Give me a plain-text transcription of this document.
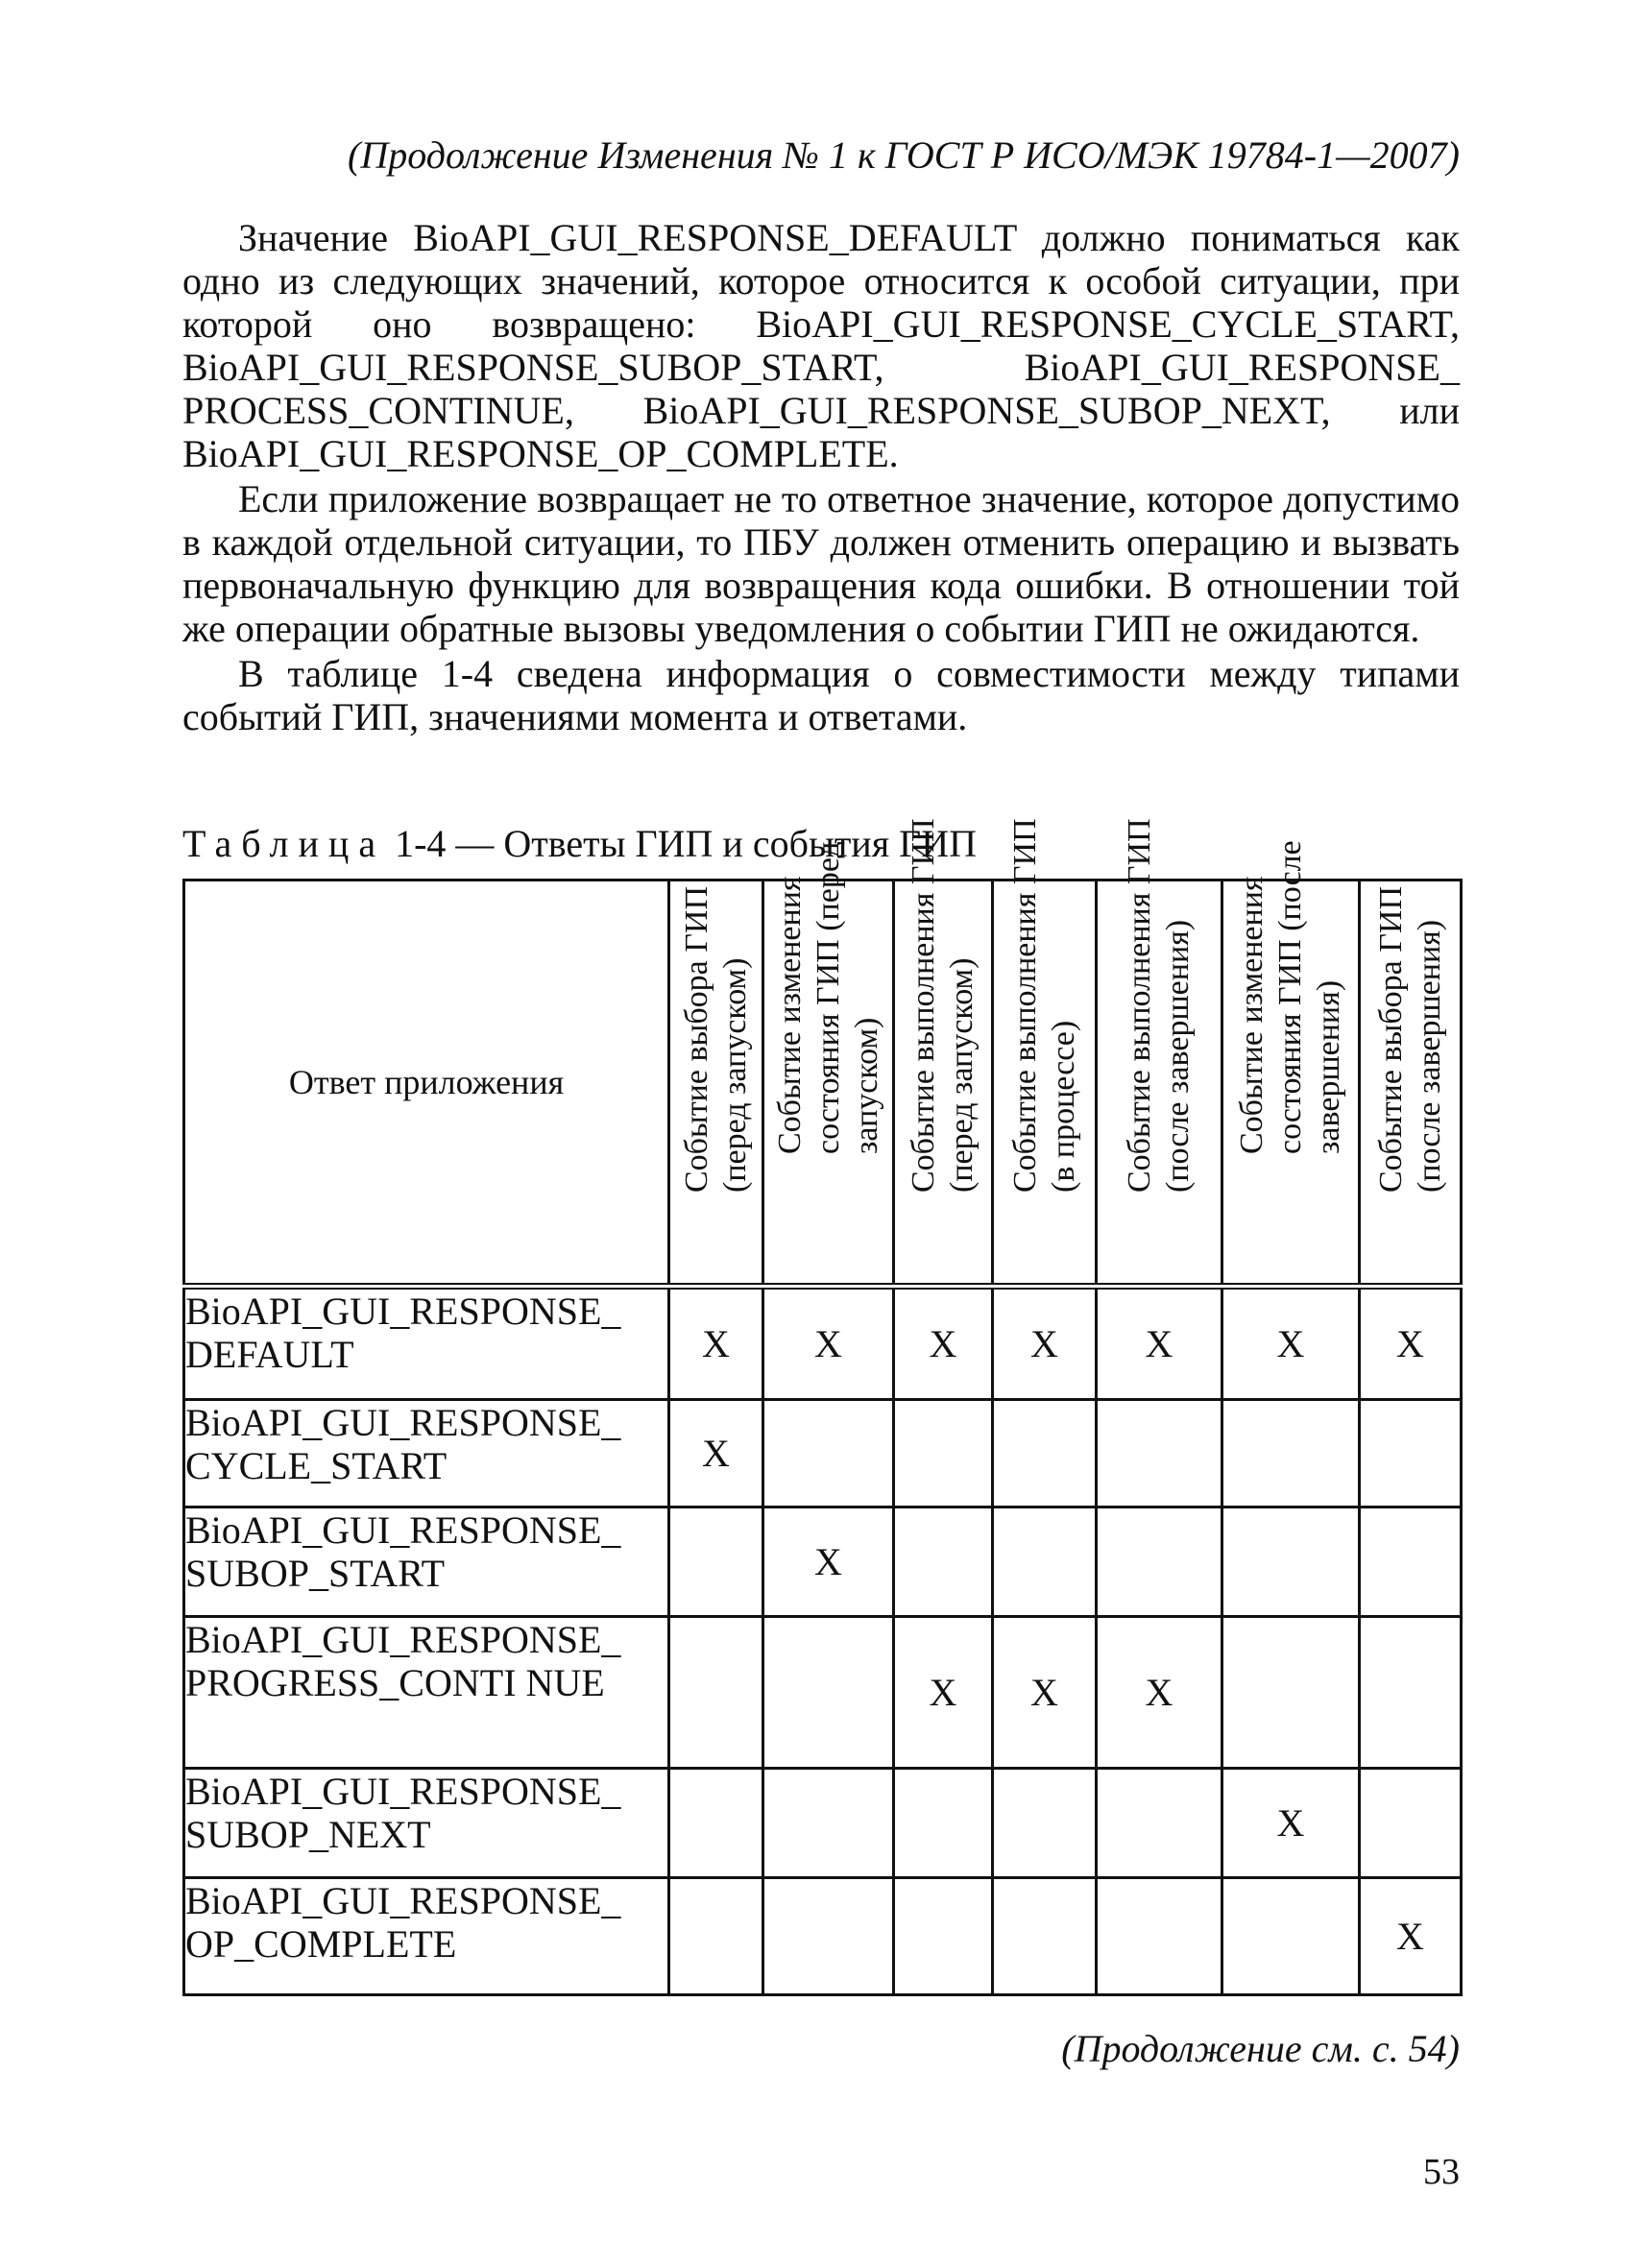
(Продолжение Изменения № 1 к ГОСТ Р ИСО/МЭК 19784-1—2007)

Значение BioAPI_GUI_RESPONSE_DEFAULT должно пониматься как одно из следующих значений, которое относится к особой ситуации, при которой оно возвращено: BioAPI_GUI_RESPONSE_CYCLE_START, BioAPI_GUI_RESPONSE_SUBOP_START, BioAPI_GUI_RESPONSE_ PROCESS_CONTINUE, BioAPI_GUI_RESPONSE_SUBOP_NEXT, или BioAPI_GUI_RESPONSE_OP_COMPLETE.

Если приложение возвращает не то ответное значение, которое допустимо в каждой отдельной ситуации, то ПБУ должен отменить операцию и вызвать первоначальную функцию для возвращения кода ошибки. В отношении той же операции обратные вызовы уведомления о событии ГИП не ожидаются.

В таблице 1-4 сведена информация о совместимости между типами событий ГИП, значениями момента и ответами.

Таблица 1-4 — Ответы ГИП и события ГИП
Ответ приложения	Событие выбора ГИП (перед запуском)	Событие изменения состояния ГИП (перед запуском)	Событие выполнения ГИП (перед запуском)	Событие выполнения ГИП (в процессе)	Событие выполнения ГИП (после завершения)	Событие изменения состояния ГИП (после завершения)	Событие выбора ГИП (после завершения)

BioAPI_GUI_RESPONSE_ DEFAULT	X	X	X	X	X	X	X
BioAPI_GUI_RESPONSE_ CYCLE_START	X						
BioAPI_GUI_RESPONSE_ SUBOP_START		X					
BioAPI_GUI_RESPONSE_ PROGRESS_CONTI NUE			X	X	X		
BioAPI_GUI_RESPONSE_ SUBOP_NEXT						X	
BioAPI_GUI_RESPONSE_ OP_COMPLETE							X
(Продолжение см. с. 54)
53
